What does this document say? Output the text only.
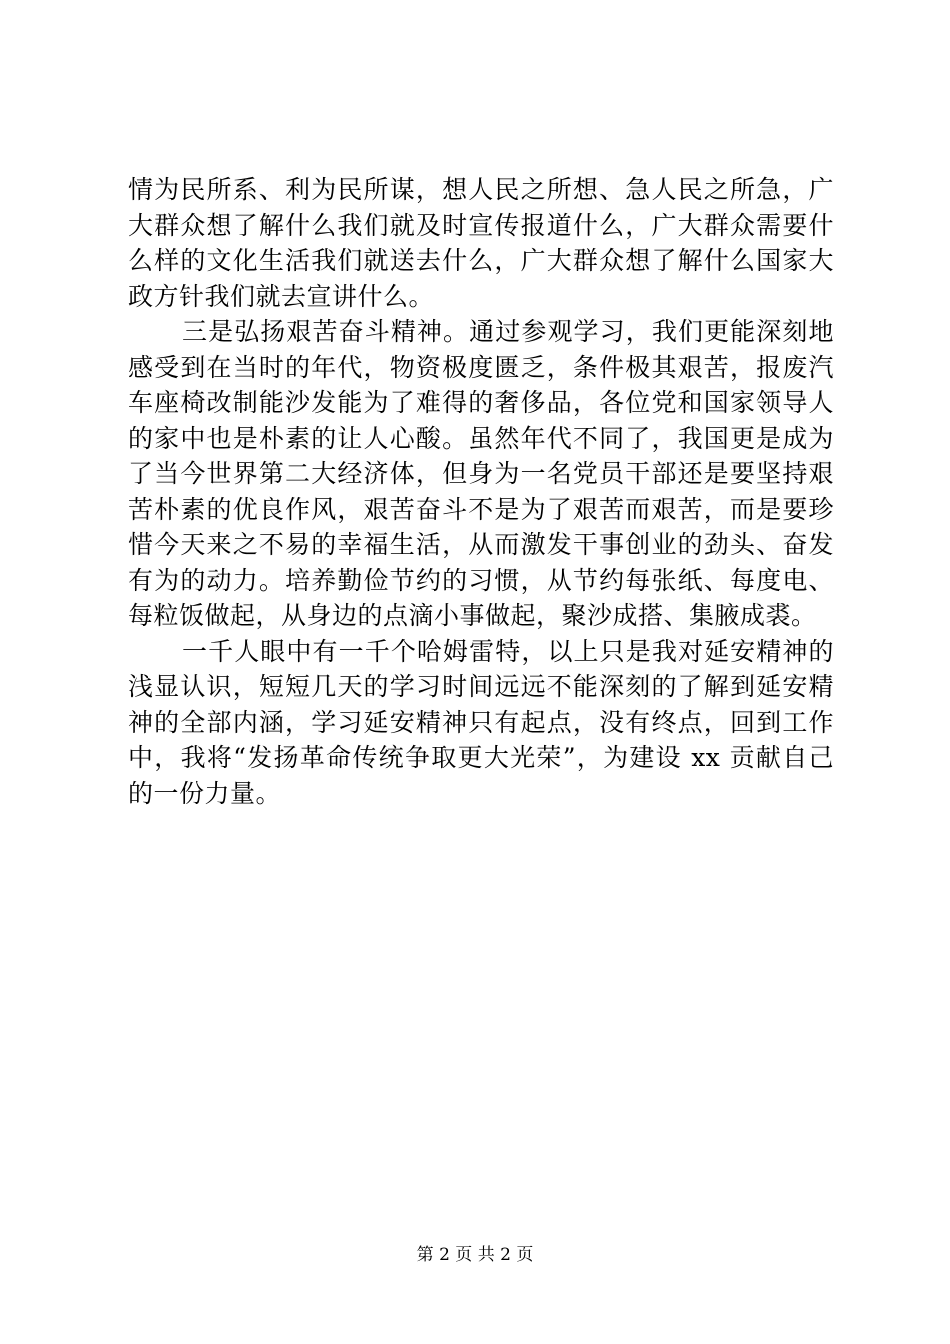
情为民所系、利为民所谋，想人民之所想、急人民之所急，广
大群众想了解什么我们就及时宣传报道什么，广大群众需要什
么样的文化生活我们就送去什么，广大群众想了解什么国家大
政方针我们就去宣讲什么。
三是弘扬艰苦奋斗精神。通过参观学习，我们更能深刻地
感受到在当时的年代，物资极度匮乏，条件极其艰苦，报废汽
车座椅改制能沙发能为了难得的奢侈品，各位党和国家领导人
的家中也是朴素的让人心酸。虽然年代不同了，我国更是成为
了当今世界第二大经济体，但身为一名党员干部还是要坚持艰
苦朴素的优良作风，艰苦奋斗不是为了艰苦而艰苦，而是要珍
惜今天来之不易的幸福生活，从而激发干事创业的劲头、奋发
有为的动力。培养勤俭节约的习惯，从节约每张纸、每度电、
每粒饭做起，从身边的点滴小事做起，聚沙成搭、集腋成裘。
一千人眼中有一千个哈姆雷特，以上只是我对延安精神的
浅显认识，短短几天的学习时间远远不能深刻的了解到延安精
神的全部内涵，学习延安精神只有起点，没有终点，回到工作
中，我将“发扬革命传统争取更大光荣”，为建设 xx 贡献自己
的一份力量。
第 2 页 共 2 页
